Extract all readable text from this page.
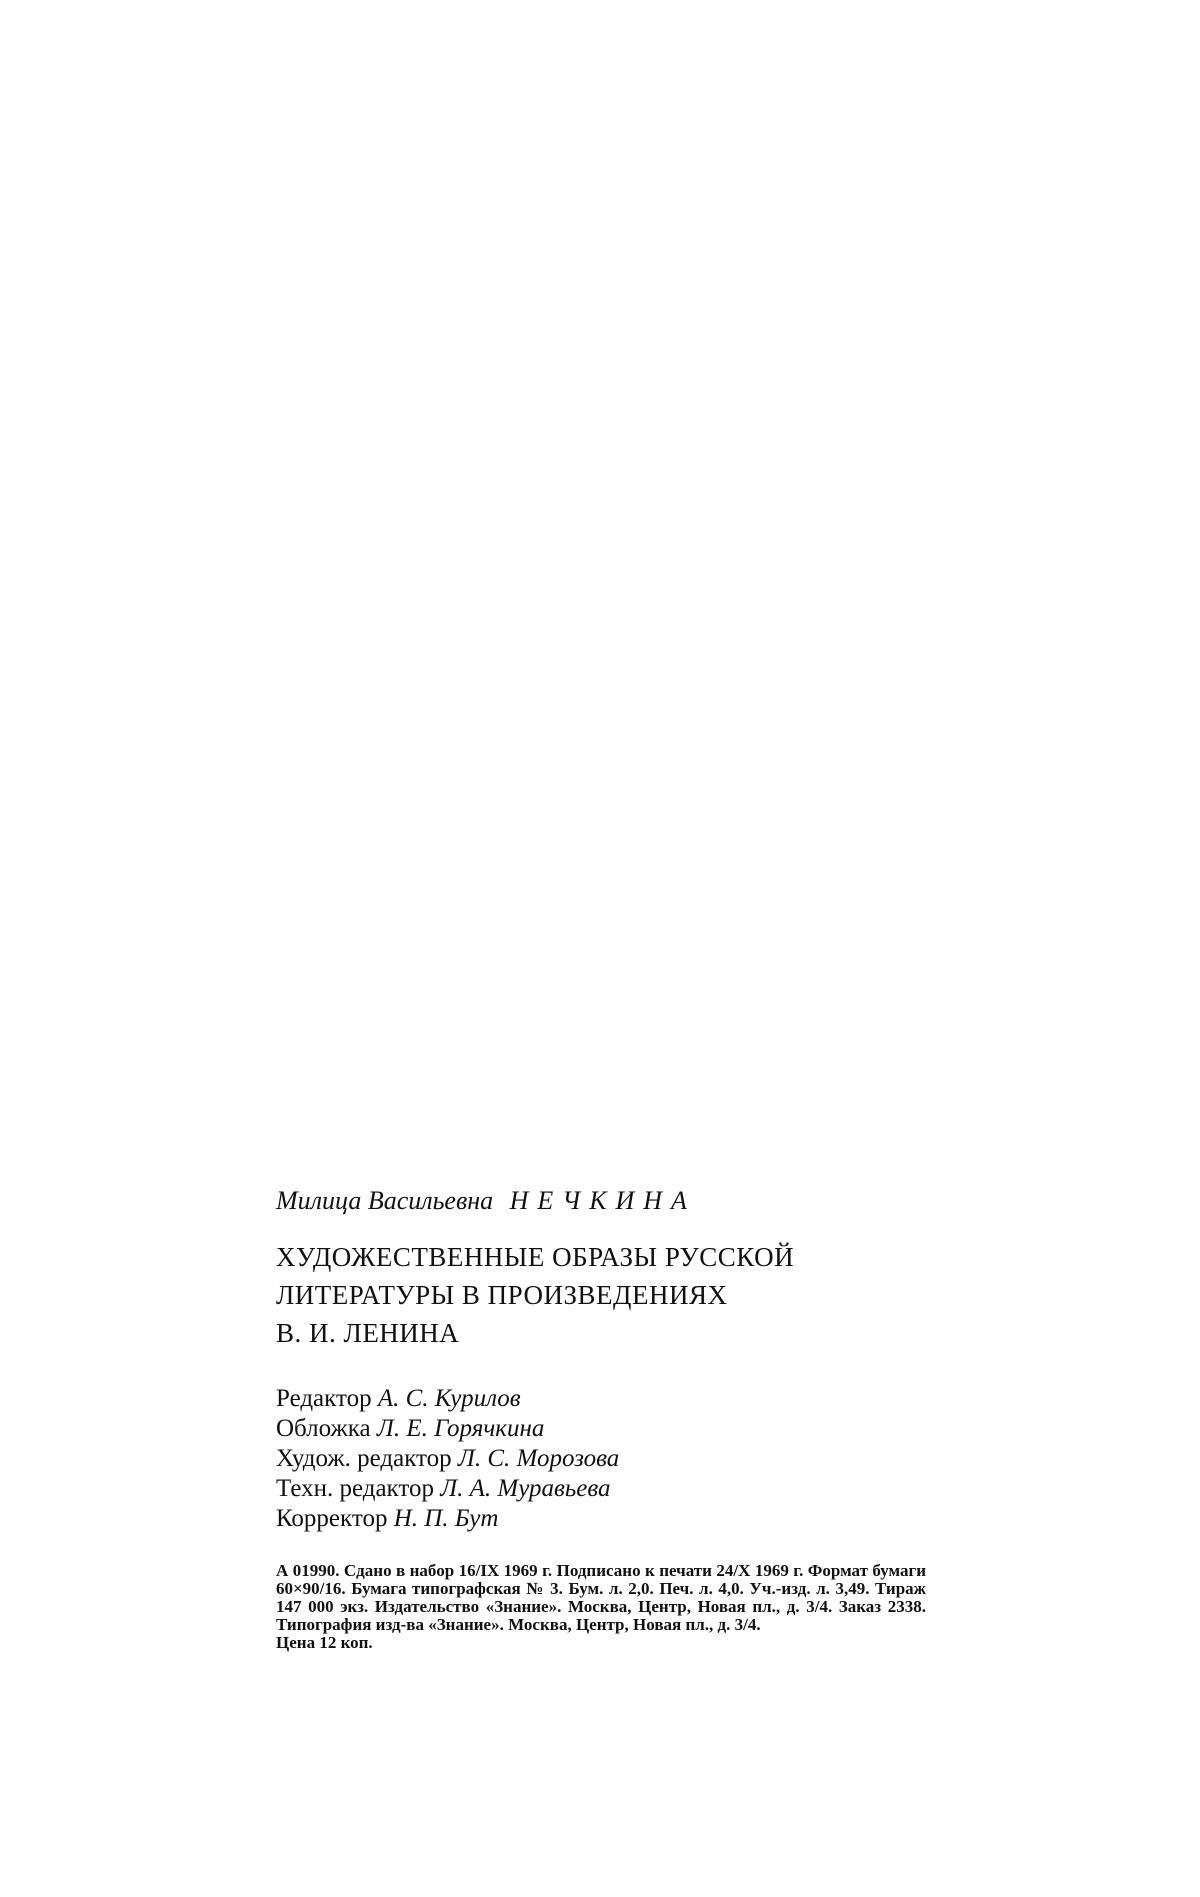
Милица Васильевна НЕЧКИНА
ХУДОЖЕСТВЕННЫЕ ОБРАЗЫ РУССКОЙ
ЛИТЕРАТУРЫ В ПРОИЗВЕДЕНИЯХ
В. И. ЛЕНИНА
Редактор А. С. Курилов
Обложка Л. Е. Горячкина
Худож. редактор Л. С. Морозова
Техн. редактор Л. А. Муравьева
Корректор Н. П. Бут
А 01990. Сдано в набор 16/IX 1969 г. Подписано к печати 24/X 1969 г. Формат бумаги 60×90/16. Бумага типографская № 3. Бум. л. 2,0. Печ. л. 4,0. Уч.-изд. л. 3,49. Тираж 147 000 экз. Издательство «Знание». Москва, Центр, Новая пл., д. 3/4. Заказ 2338. Типография изд-ва «Знание». Москва, Центр, Новая пл., д. 3/4.
Цена 12 коп.
